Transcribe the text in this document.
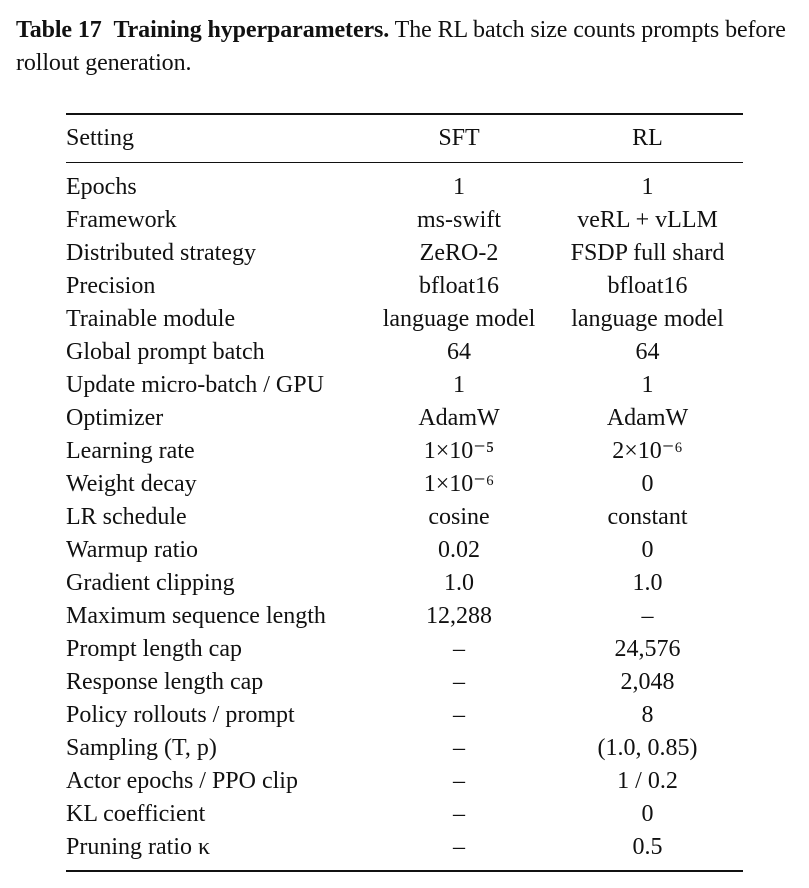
Table 17 Training hyperparameters. The RL batch size counts prompts before rollout generation.
Setting	SFT	RL
Epochs	1	1
Framework	ms-swift	veRL + vLLM
Distributed strategy	ZeRO-2	FSDP full shard
Precision	bfloat16	bfloat16
Trainable module	language model	language model
Global prompt batch	64	64
Update micro-batch / GPU	1	1
Optimizer	AdamW	AdamW
Learning rate	1×10⁻⁵	2×10⁻⁶
Weight decay	1×10⁻⁶	0
LR schedule	cosine	constant
Warmup ratio	0.02	0
Gradient clipping	1.0	1.0
Maximum sequence length	12,288	–
Prompt length cap	–	24,576
Response length cap	–	2,048
Policy rollouts / prompt	–	8
Sampling (T, p)	–	(1.0, 0.85)
Actor epochs / PPO clip	–	1 / 0.2
KL coefficient	–	0
Pruning ratio κ	–	0.5
